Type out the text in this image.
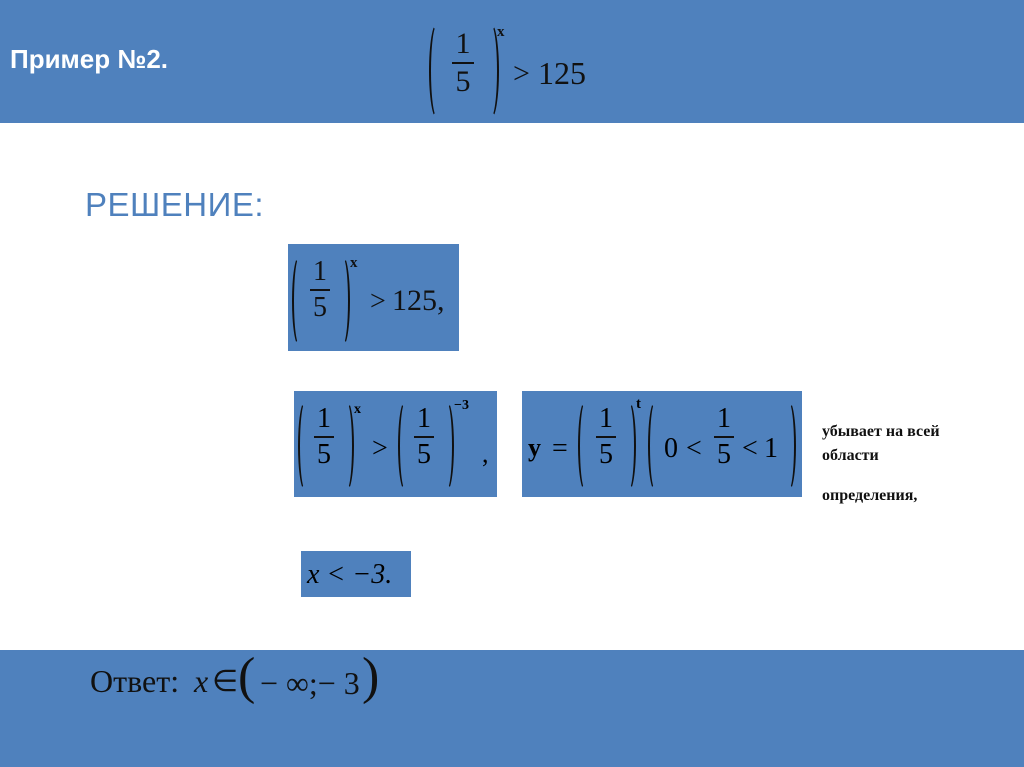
Пример №2.	1
5
x
> 125
РЕШЕНИЕ:
1
5
x
> 125,
1
5
x
>
1
5
−3
, y =
1
5
t
0 <
1
5 < 1
убывает на всей
области
определения,
x < −3.
Ответ: x ∈ ( − ∞;− 3 )
